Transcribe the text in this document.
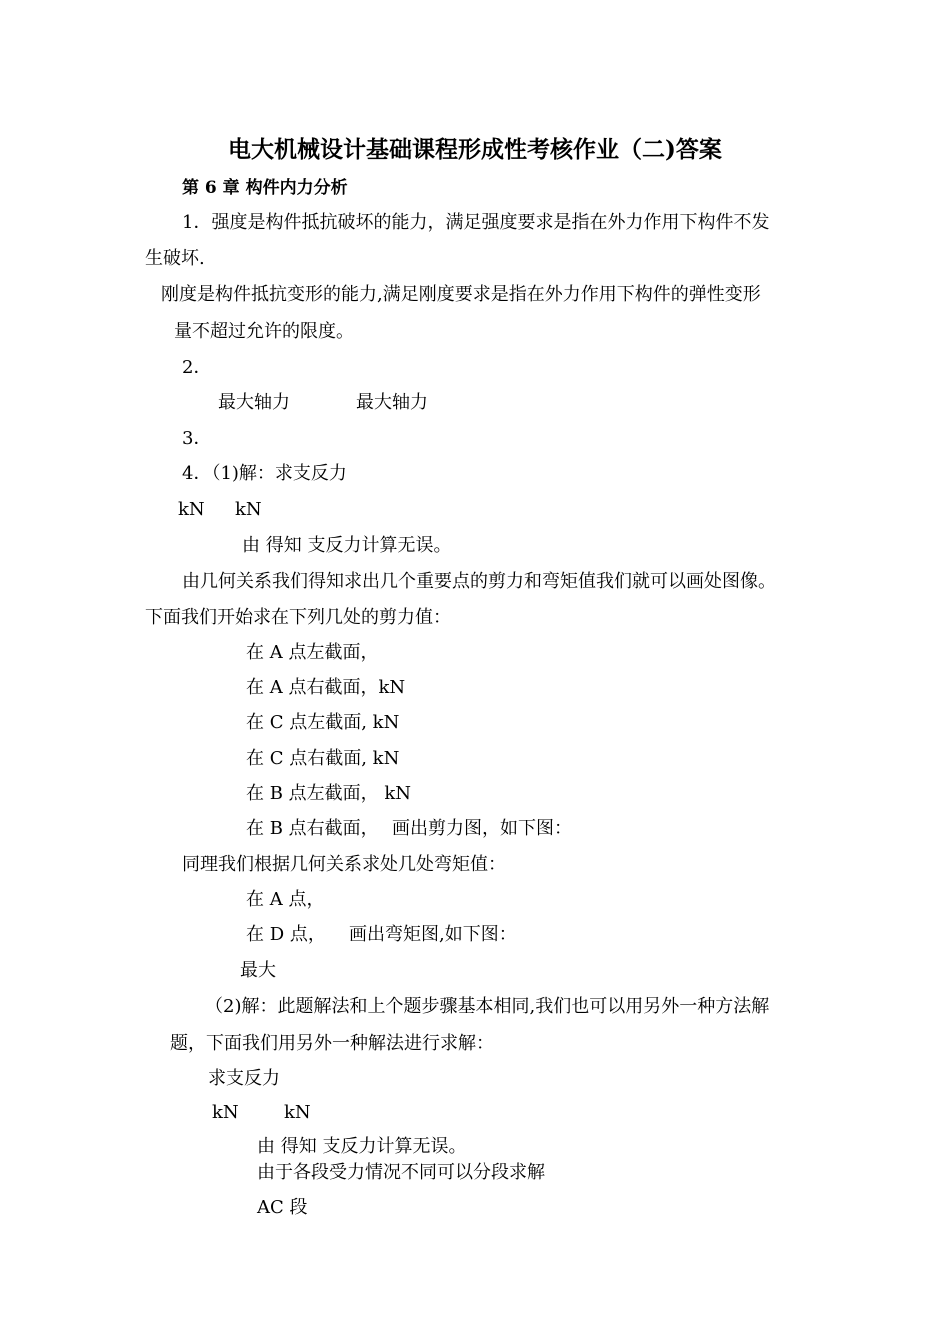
电大机械设计基础课程形成性考核作业（二)答案
第 6 章 构件内力分析
1．强度是构件抵抗破坏的能力，满足强度要求是指在外力作用下构件不发
生破坏.
刚度是构件抵抗变形的能力,满足刚度要求是指在外力作用下构件的弹性变形
量不超过允许的限度。
2．
最大轴力	最大轴力
3．
4．（1)解：求支反力
kN kN
由 得知 支反力计算无误。
由几何关系我们得知求出几个重要点的剪力和弯矩值我们就可以画处图像。
下面我们开始求在下列几处的剪力值：
在 A 点左截面，
在 A 点右截面，kN
在 C 点左截面, kN
在 C 点右截面, kN
在 B 点左截面， kN
在 B 点右截面， 画出剪力图，如下图：
同理我们根据几何关系求处几处弯矩值：
在 A 点，
在 D 点， 画出弯矩图,如下图：
最大
（2)解：此题解法和上个题步骤基本相同,我们也可以用另外一种方法解
题，下面我们用另外一种解法进行求解：
求支反力
kN	kN
由 得知 支反力计算无误。
由于各段受力情况不同可以分段求解
AC 段
